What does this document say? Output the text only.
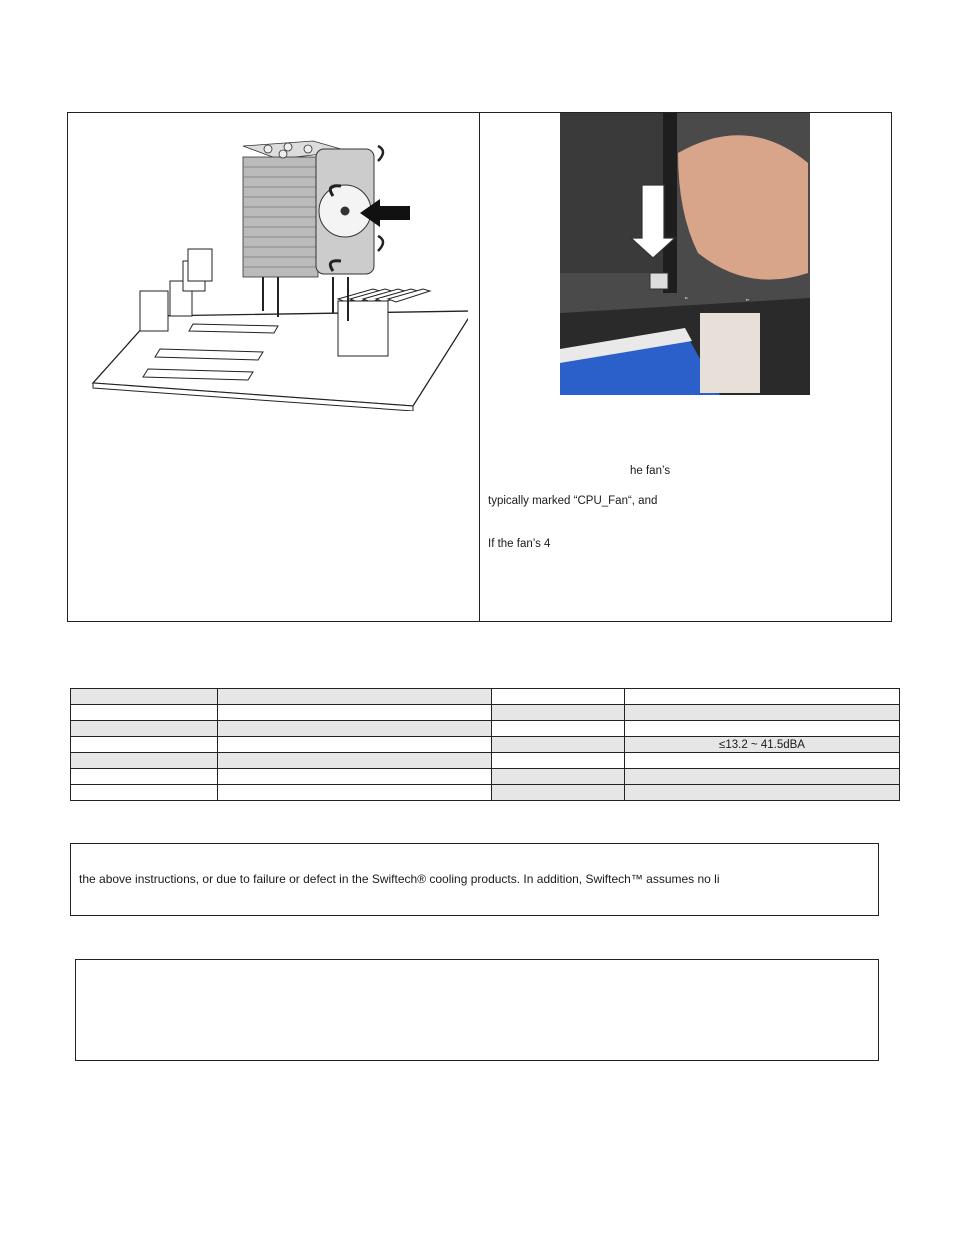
“	”
he fan’s
typically marked “CPU_Fan“, and
If the fan’s 4

			≤13.2 ~ 41.5dBA

the above instructions, or due to failure or defect in the Swiftech® cooling products. In addition, Swiftech™ assumes no li
